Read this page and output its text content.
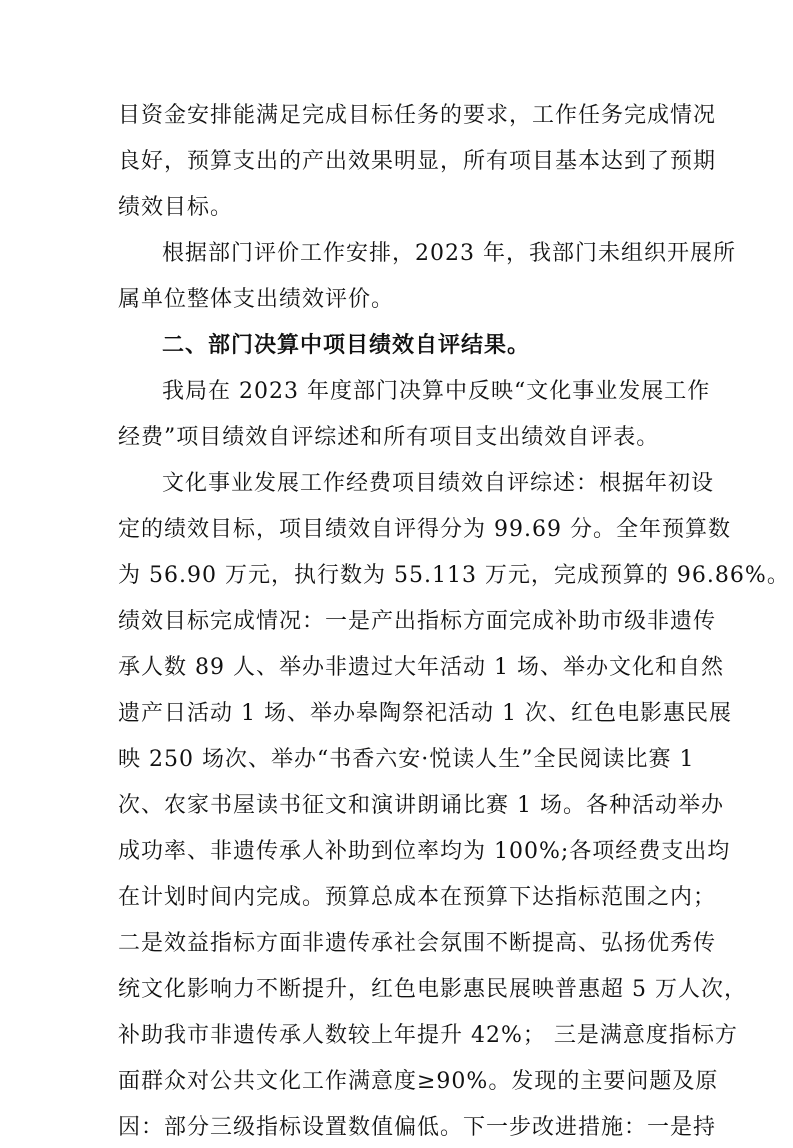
目资金安排能满足完成目标任务的要求，工作任务完成情况
良好，预算支出的产出效果明显，所有项目基本达到了预期
绩效目标。
根据部门评价工作安排，2023 年，我部门未组织开展所
属单位整体支出绩效评价。
二、部门决算中项目绩效自评结果。
我局在 2023 年度部门决算中反映“文化事业发展工作
经费”项目绩效自评综述和所有项目支出绩效自评表。
文化事业发展工作经费项目绩效自评综述：根据年初设
定的绩效目标，项目绩效自评得分为 99.69 分。全年预算数
为 56.90 万元，执行数为 55.113 万元，完成预算的 96.86%。
绩效目标完成情况：一是产出指标方面完成补助市级非遗传
承人数 89 人、举办非遗过大年活动 1 场、举办文化和自然
遗产日活动 1 场、举办皋陶祭祀活动 1 次、红色电影惠民展
映 250 场次、举办“书香六安·悦读人生”全民阅读比赛 1
次、农家书屋读书征文和演讲朗诵比赛 1 场。各种活动举办
成功率、非遗传承人补助到位率均为 100%;各项经费支出均
在计划时间内完成。预算总成本在预算下达指标范围之内；
二是效益指标方面非遗传承社会氛围不断提高、弘扬优秀传
统文化影响力不断提升，红色电影惠民展映普惠超 5 万人次，
补助我市非遗传承人数较上年提升 42%； 三是满意度指标方
面群众对公共文化工作满意度≥90%。发现的主要问题及原
因：部分三级指标设置数值偏低。下一步改进措施：一是持
